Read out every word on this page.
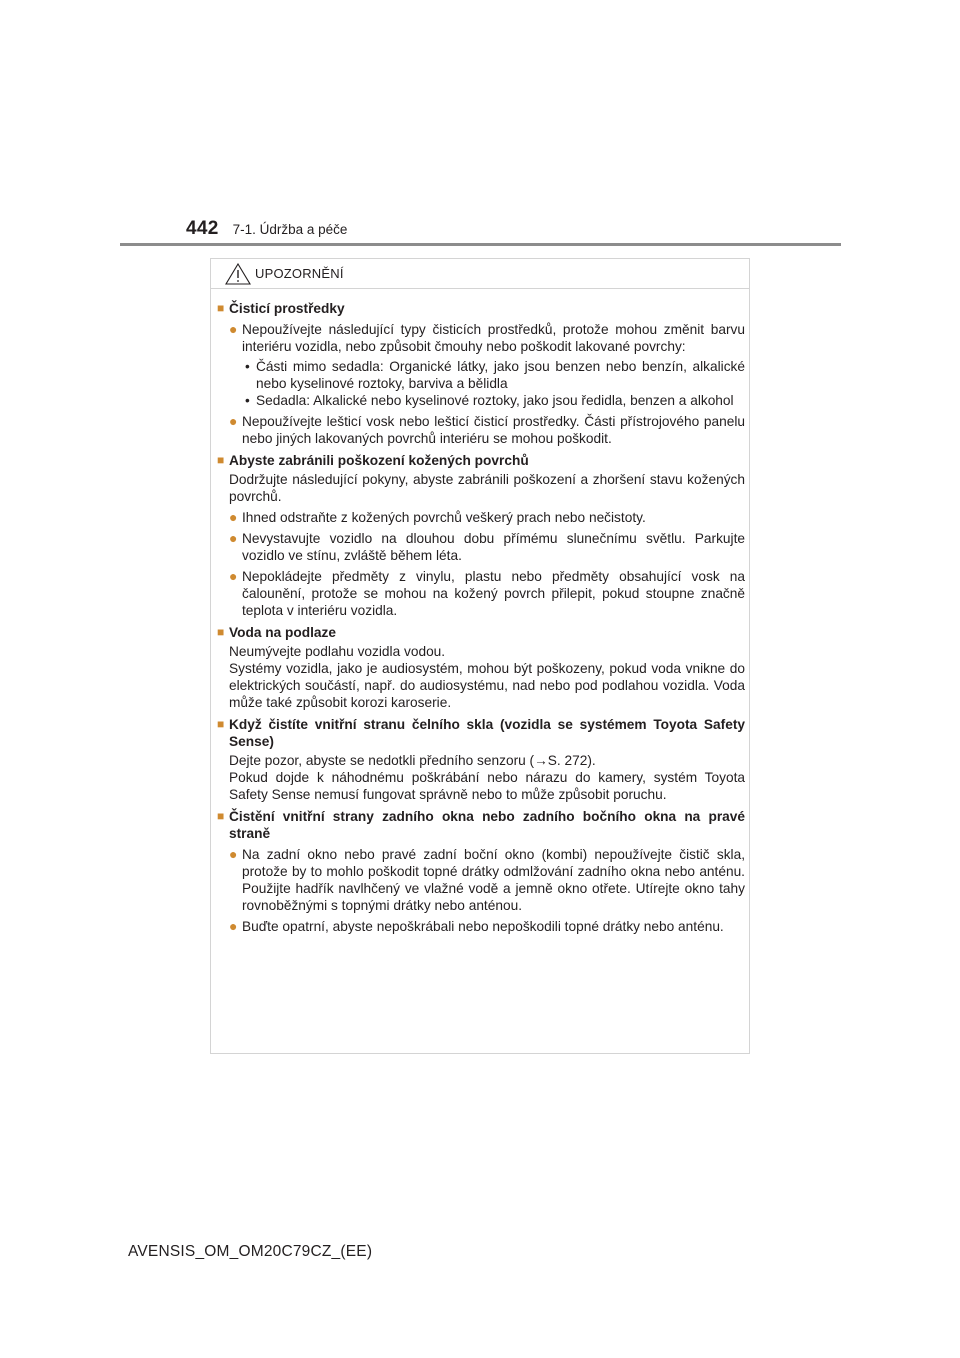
442 7-1. Údržba a péče
UPOZORNĚNÍ
■ Čisticí prostředky
● Nepoužívejte následující typy čisticích prostředků, protože mohou změnit barvu interiéru vozidla, nebo způsobit čmouhy nebo poškodit lakované povrchy:
• Části mimo sedadla: Organické látky, jako jsou benzen nebo benzín, alkalické nebo kyselinové roztoky, barviva a bělidla
• Sedadla: Alkalické nebo kyselinové roztoky, jako jsou ředidla, benzen a alkohol
● Nepoužívejte lešticí vosk nebo lešticí čisticí prostředky. Části přístrojového panelu nebo jiných lakovaných povrchů interiéru se mohou poškodit.
■ Abyste zabránili poškození kožených povrchů
Dodržujte následující pokyny, abyste zabránili poškození a zhoršení stavu kožených povrchů.
● Ihned odstraňte z kožených povrchů veškerý prach nebo nečistoty.
● Nevystavujte vozidlo na dlouhou dobu přímému slunečnímu světlu. Parkujte vozidlo ve stínu, zvláště během léta.
● Nepokládejte předměty z vinylu, plastu nebo předměty obsahující vosk na čalounění, protože se mohou na kožený povrch přilepit, pokud stoupne značně teplota v interiéru vozidla.
■ Voda na podlaze
Neumývejte podlahu vozidla vodou.
Systémy vozidla, jako je audiosystém, mohou být poškozeny, pokud voda vnikne do elektrických součástí, např. do audiosystému, nad nebo pod podlahou vozidla. Voda může také způsobit korozi karoserie.
■ Když čistíte vnitřní stranu čelního skla (vozidla se systémem Toyota Safety Sense)
Dejte pozor, abyste se nedotkli předního senzoru (→S. 272).
Pokud dojde k náhodnému poškrábání nebo nárazu do kamery, systém Toyota Safety Sense nemusí fungovat správně nebo to může způsobit poruchu.
■ Čistění vnitřní strany zadního okna nebo zadního bočního okna na pravé straně
● Na zadní okno nebo pravé zadní boční okno (kombi) nepoužívejte čistič skla, protože by to mohlo poškodit topné drátky odmlžování zadního okna nebo anténu. Použijte hadřík navlhčený ve vlažné vodě a jemně okno otřete. Utírejte okno tahy rovnoběžnými s topnými drátky nebo anténou.
● Buďte opatrní, abyste nepoškrábali nebo nepoškodili topné drátky nebo anténu.
AVENSIS_OM_OM20C79CZ_(EE)
